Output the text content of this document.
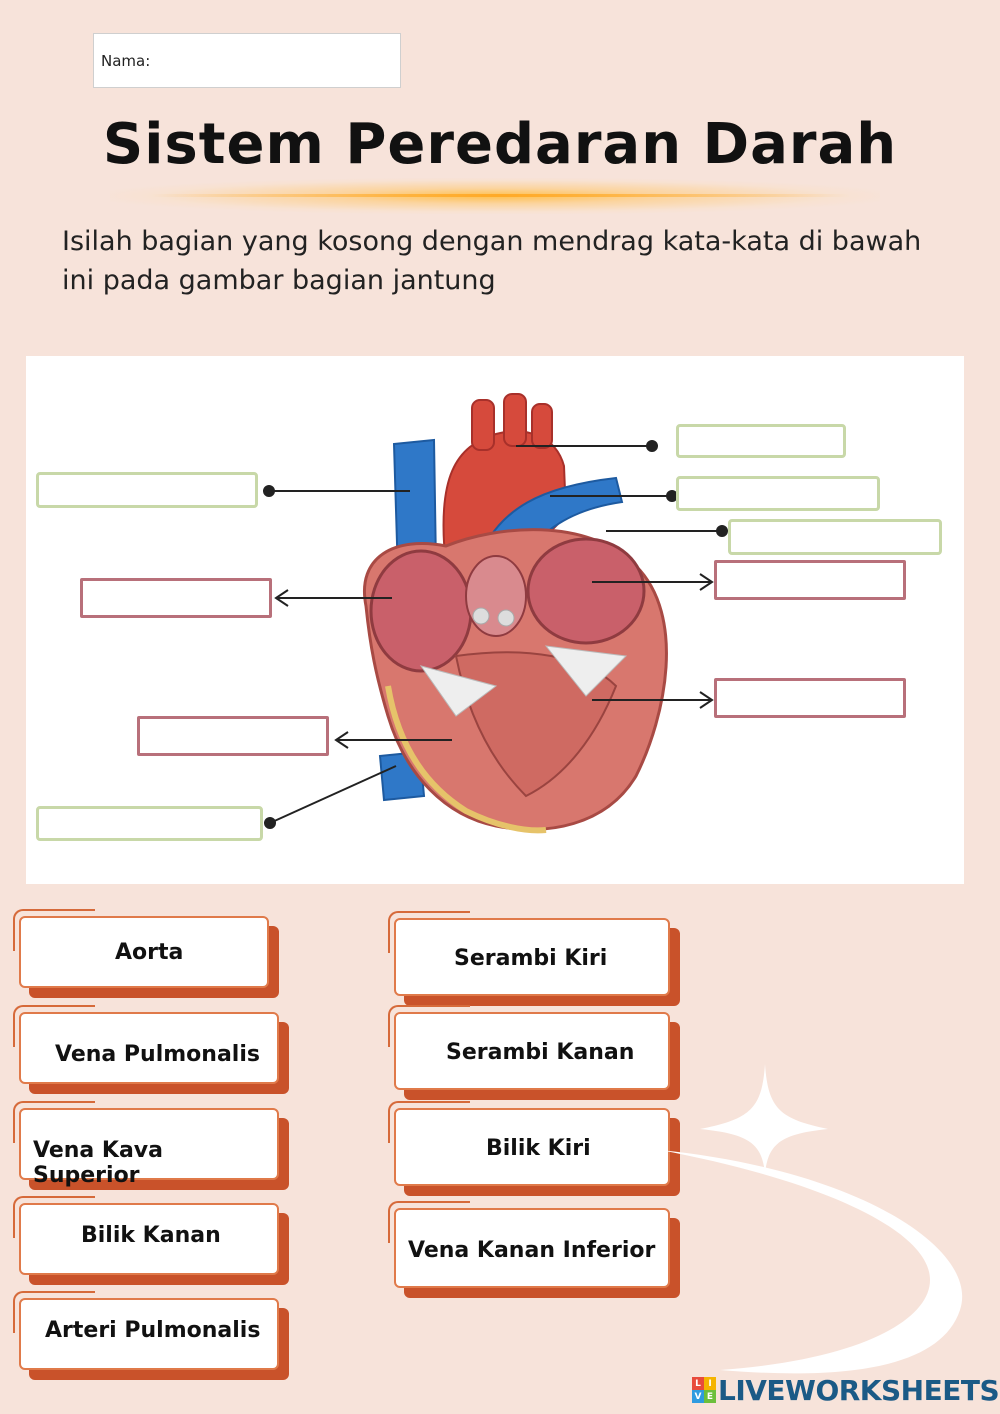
Nama:
Sistem Peredaran Darah
Isilah bagian yang kosong dengan mendrag kata-kata di bawah ini pada gambar bagian jantung
Aorta
Vena Pulmonalis
Vena Kava Superior
Bilik Kanan
Arteri Pulmonalis
Serambi Kiri
Serambi Kanan
Bilik Kiri
Vena Kanan Inferior
L I
V E LIVEWORKSHEETS
